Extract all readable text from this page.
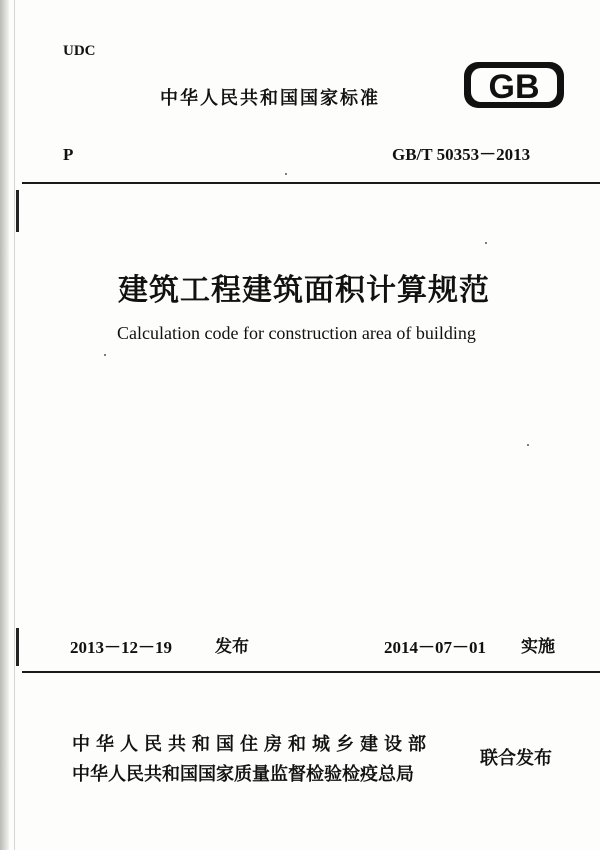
UDC
中华人民共和国国家标准	GB
P	GB/T 50353－2013
建筑工程建筑面积计算规范
Calculation code for construction area of building
2013－12－19	发布	2014－07－01 实施
中华人民共和国住房和城乡建设部
中华人民共和国国家质量监督检验检疫总局
联合发布
